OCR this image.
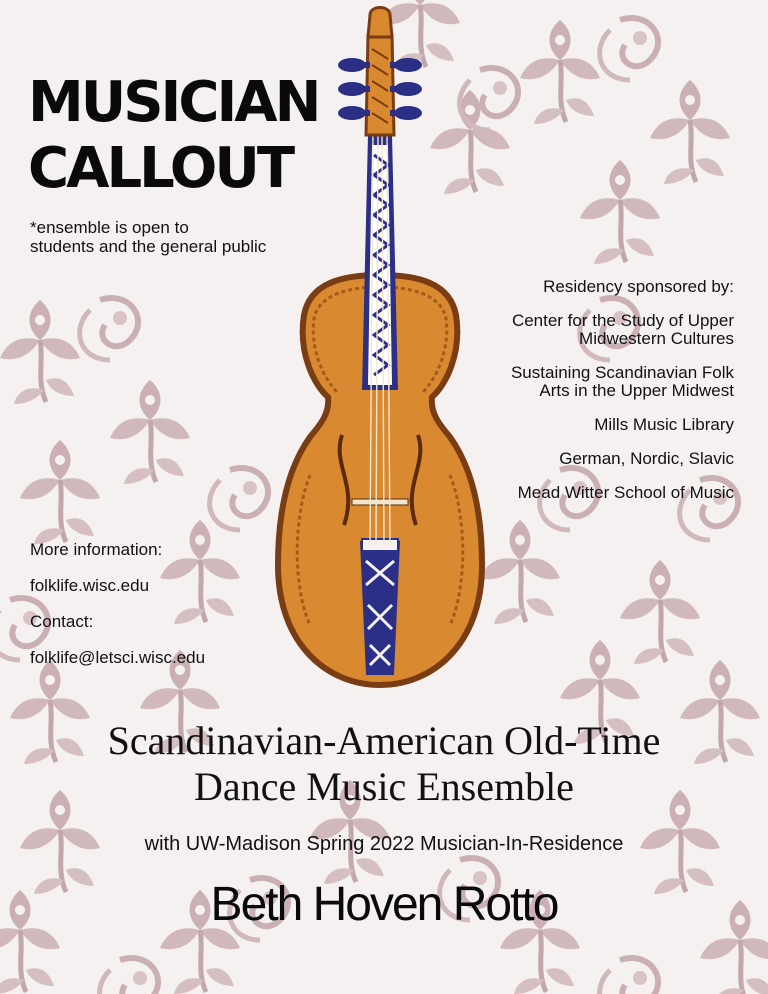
MUSICIAN
CALLOUT
*ensemble is open to
students and the general public
Residency sponsored by:
Center for the Study of Upper
Midwestern Cultures
Sustaining Scandinavian Folk
Arts in the Upper Midwest
Mills Music Library
German, Nordic, Slavic
Mead Witter School of Music
More information:
folklife.wisc.edu
Contact:
folklife@letsci.wisc.edu
Scandinavian-American Old-Time
Dance Music Ensemble
with UW-Madison Spring 2022 Musician-In-Residence
Beth Hoven Rotto
